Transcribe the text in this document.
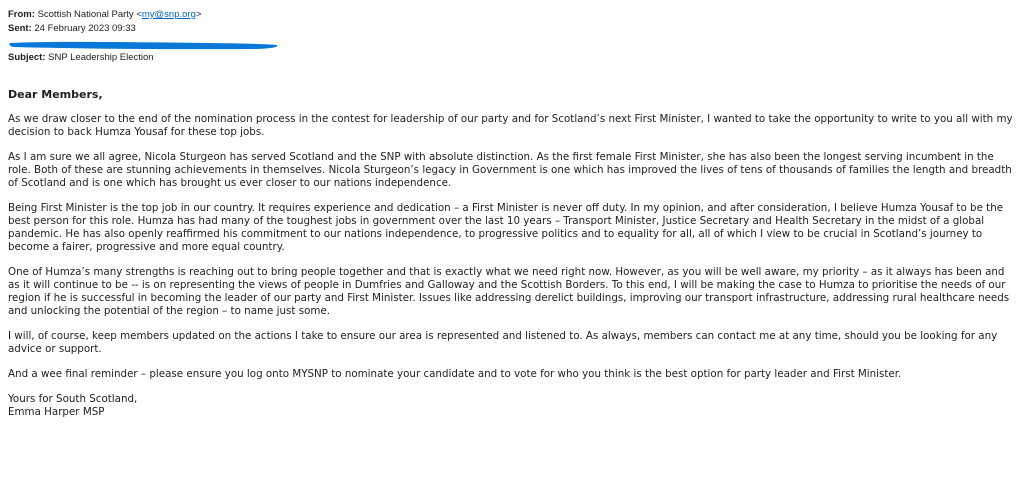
From: Scottish National Party <my@snp.org>
Sent: 24 February 2023 09:33
Subject: SNP Leadership Election
Dear Members,

As we draw closer to the end of the nomination process in the contest for leadership of our party and for Scotland’s next First Minister, I wanted to take the opportunity to write to you all with my decision to back Humza Yousaf for these top jobs.

As I am sure we all agree, Nicola Sturgeon has served Scotland and the SNP with absolute distinction. As the first female First Minister, she has also been the longest serving incumbent in the role. Both of these are stunning achievements in themselves. Nicola Sturgeon’s legacy in Government is one which has improved the lives of tens of thousands of families the length and breadth of Scotland and is one which has brought us ever closer to our nations independence.

Being First Minister is the top job in our country. It requires experience and dedication – a First Minister is never off duty. In my opinion, and after consideration, I believe Humza Yousaf to be the best person for this role. Humza has had many of the toughest jobs in government over the last 10 years – Transport Minister, Justice Secretary and Health Secretary in the midst of a global pandemic. He has also openly reaffirmed his commitment to our nations independence, to progressive politics and to equality for all, all of which I view to be crucial in Scotland’s journey to become a fairer, progressive and more equal country.

One of Humza’s many strengths is reaching out to bring people together and that is exactly what we need right now. However, as you will be well aware, my priority – as it always has been and as it will continue to be -- is on representing the views of people in Dumfries and Galloway and the Scottish Borders. To this end, I will be making the case to Humza to prioritise the needs of our region if he is successful in becoming the leader of our party and First Minister. Issues like addressing derelict buildings, improving our transport infrastructure, addressing rural healthcare needs and unlocking the potential of the region – to name just some.

I will, of course, keep members updated on the actions I take to ensure our area is represented and listened to. As always, members can contact me at any time, should you be looking for any advice or support.

And a wee final reminder – please ensure you log onto MYSNP to nominate your candidate and to vote for who you think is the best option for party leader and First Minister.

Yours for South Scotland,
Emma Harper MSP
